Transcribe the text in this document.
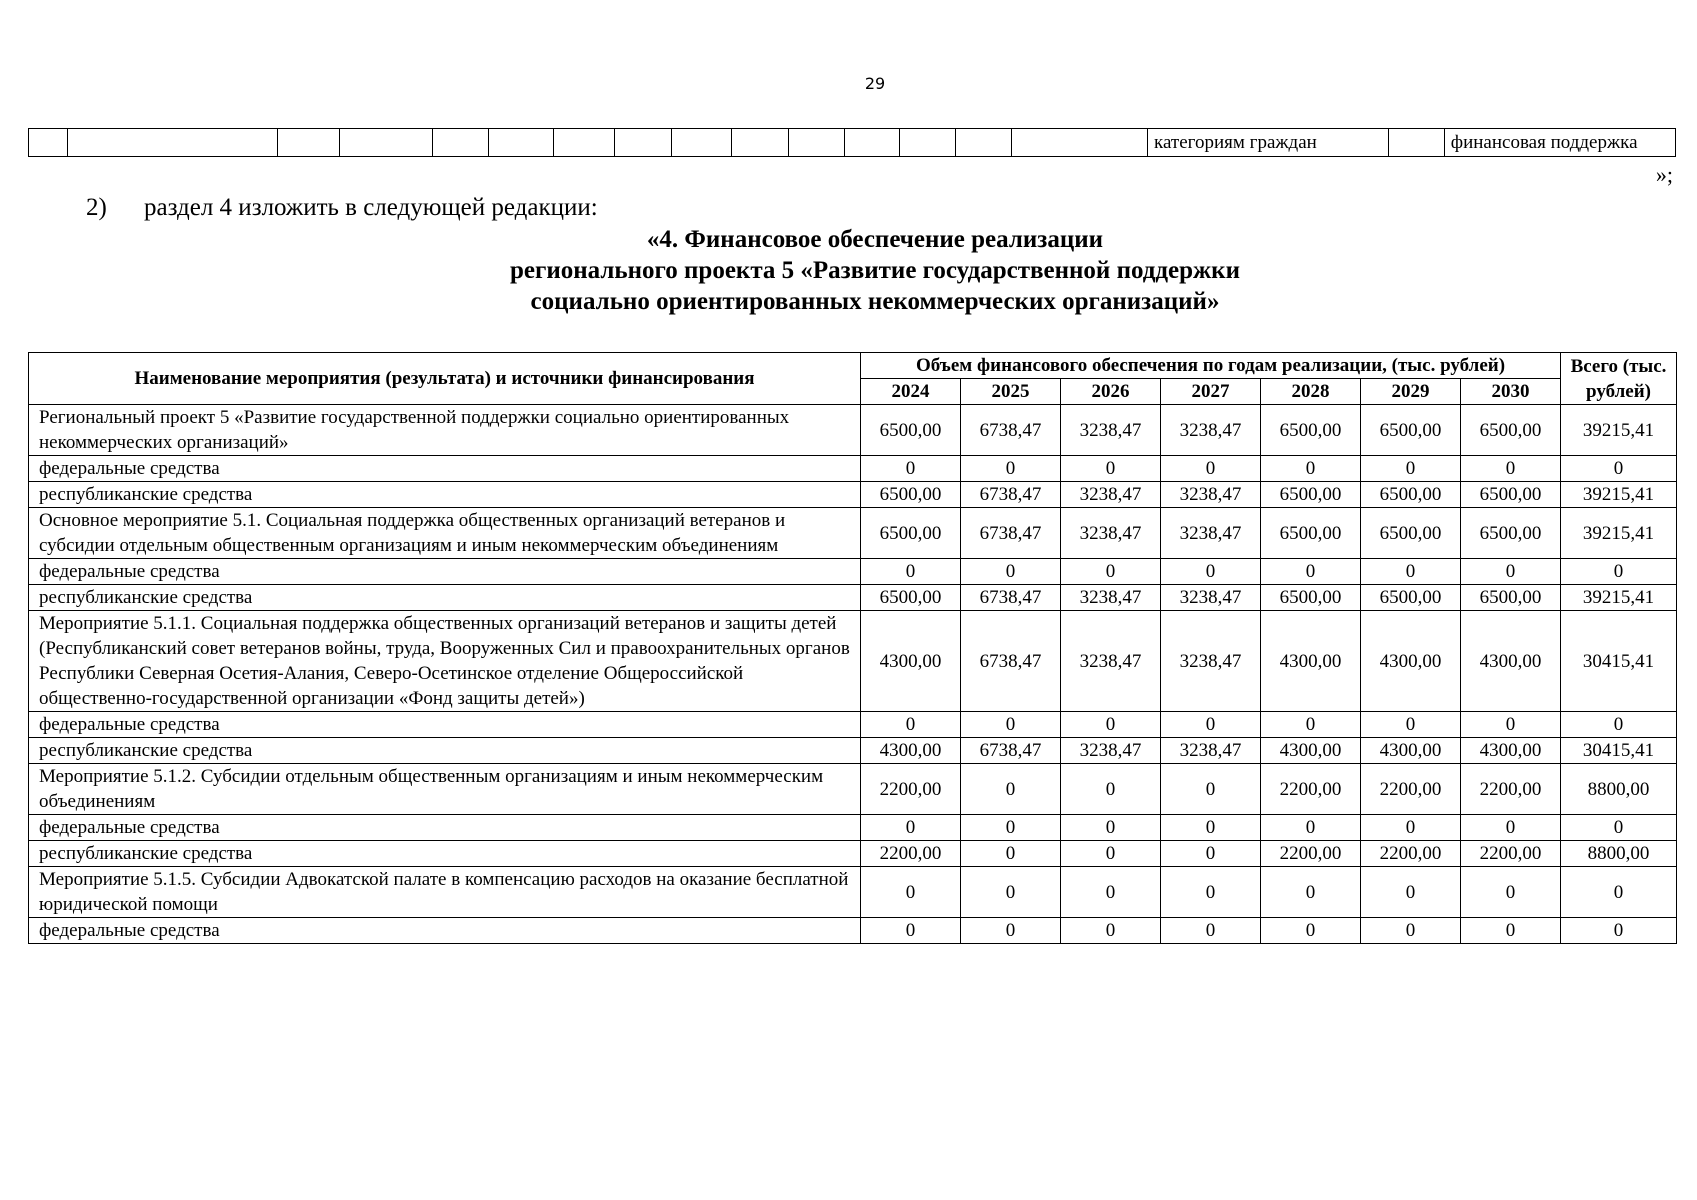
29
															категориям граждан		финансовая поддержка
»;
2) раздел 4 изложить в следующей редакции:
«4. Финансовое обеспечение реализации
регионального проекта 5 «Развитие государственной поддержки
социально ориентированных некоммерческих организаций»
Наименование мероприятия (результата) и источники финансирования	Объем финансового обеспечения по годам реализации, (тыс. рублей)							Всего (тыс. рублей)
	2024	2025	2026	2027	2028	2029	2030	
Региональный проект 5 «Развитие государственной поддержки социально ориентированных некоммерческих организаций»	6500,00	6738,47	3238,47	3238,47	6500,00	6500,00	6500,00	39215,41
федеральные средства	0	0	0	0	0	0	0	0
республиканские средства	6500,00	6738,47	3238,47	3238,47	6500,00	6500,00	6500,00	39215,41
Основное мероприятие 5.1. Социальная поддержка общественных организаций ветеранов и субсидии отдельным общественным организациям и иным некоммерческим объединениям	6500,00	6738,47	3238,47	3238,47	6500,00	6500,00	6500,00	39215,41
федеральные средства	0	0	0	0	0	0	0	0
республиканские средства	6500,00	6738,47	3238,47	3238,47	6500,00	6500,00	6500,00	39215,41
Мероприятие 5.1.1. Социальная поддержка общественных организаций ветеранов и защиты детей (Республиканский совет ветеранов войны, труда, Вооруженных Сил и правоохранительных органов Республики Северная Осетия-Алания, Северо-Осетинское отделение Общероссийской общественно-государственной организации «Фонд защиты детей»)	4300,00	6738,47	3238,47	3238,47	4300,00	4300,00	4300,00	30415,41
федеральные средства	0	0	0	0	0	0	0	0
республиканские средства	4300,00	6738,47	3238,47	3238,47	4300,00	4300,00	4300,00	30415,41
Мероприятие 5.1.2. Субсидии отдельным общественным организациям и иным некоммерческим объединениям	2200,00	0	0	0	2200,00	2200,00	2200,00	8800,00
федеральные средства	0	0	0	0	0	0	0	0
республиканские средства	2200,00	0	0	0	2200,00	2200,00	2200,00	8800,00
Мероприятие 5.1.5. Субсидии Адвокатской палате в компенсацию расходов на оказание бесплатной юридической помощи	0	0	0	0	0	0	0	0
федеральные средства	0	0	0	0	0	0	0	0
